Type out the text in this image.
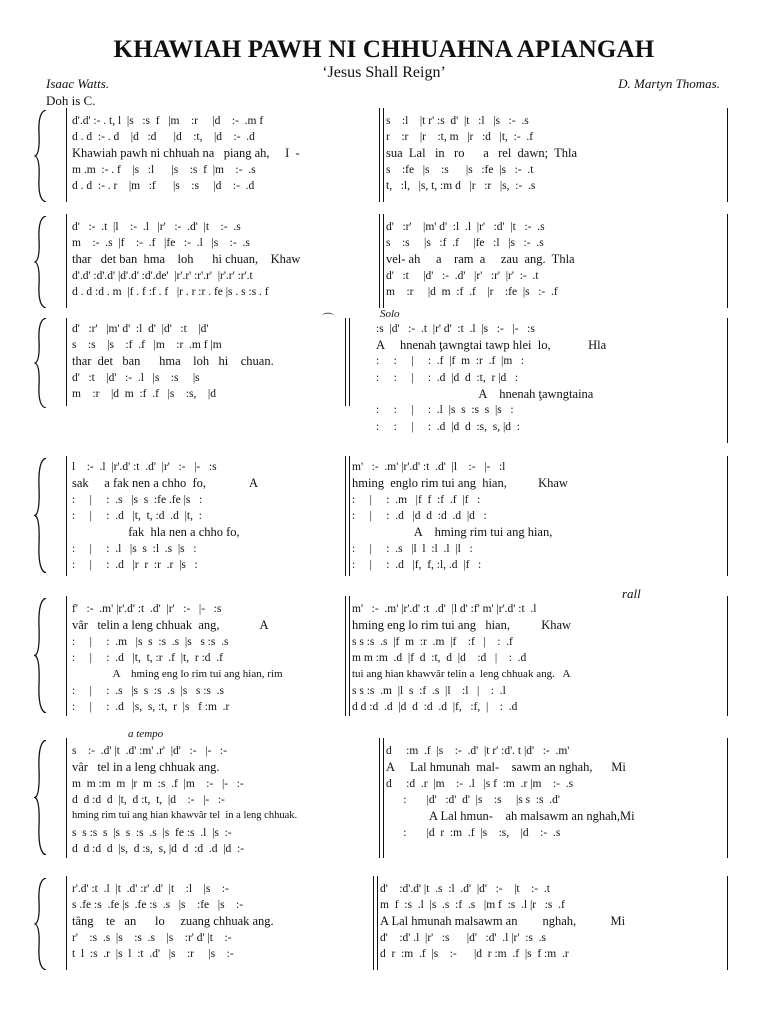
KHAWIAH PAWH NI CHHUAHNA APIANGAH
‘Jesus Shall Reign’
Isaac Watts.	D. Martyn Thomas.
Doh is C.
d'.d' :- . t, l  |s   :s  f   |m    :r     |d    :-  .m f
d . d  :- . d    |d   :d      |d    :t,    |d    :-  .d
Khawiah pawh ni chhuah na   piang ah,     I  -
m .m  :- . f    |s   :l      |s    :s  f  |m    :-  .s
d . d  :- . r    |m   :f      |s    :s     |d    :-  .d
s    :l    |t r' :s  d'  |t   :l   |s   :-  .s
r    :r    |r    :t, m   |r   :d   |t,  :-  .f
sua  Lal   in   ro      a   rel  dawn;  Thla
s    :fe   |s    :s      |s   :fe  |s   :-  .t
t,   :l,   |s, t, :m d   |r   :r   |s,  :-  .s
d'   :-  .t  |l    :-  .l   |r'   :-  .d'  |t    :-  .s
m    :-  .s  |f    :-  .f   |fe   :-  .l   |s    :-  .s
thar   det ban  hma    loh      hi chuan,    Khaw
d'.d' :d'.d' |d'.d' :d'.de'  |r'.r' :r'.r'  |r'.r' :r'.t
d . d :d . m  |f . f :f . f   |r . r :r . fe |s . s :s . f
d'   :r'    |m' d'  :l  .l  |r'   :d'  |t   :-  .s
s    :s     |s   :f  .f     |fe   :l   |s   :-  .s
vel- ah     a    ram  a     zau  ang.  Thla
d'   :t     |d'   :-  .d'   |r'   :r'  |r'  :-  .t
m    :r     |d  m  :f  .f    |r    :fe  |s   :-  .f
Solo
⌒
d'   :r'   |m' d'  :l  d'  |d'   :t    |d'
s    :s    |s    :f  .f   |m    :r  .m f |m
thar  det   ban      hma    loh   hi    chuan.
d'   :t    |d'   :-  .l   |s    :s     |s
m    :r    |d  m  :f  .f   |s    :s,    |d
:s  |d'   :-  .t  |r' d'  :t  .l  |s   :-   |-   :s
A     hnenah ţawngtai tawp hlei  lo,            Hla
:     :     |     :  .f  |f  m  :r  .f  |m   :
:     :     |     :  .d  |d  d  :t,  r |d   :
A    hnenah ţawngtaina
:     :     |     :  .l  |s  s  :s  s  |s   :
:     :     |     :  .d  |d  d  :s,  s, |d  :
l    :-  .l  |r'.d' :t  .d'  |r'   :-   |-   :s
sak     a fak nen a chho  fo,              A
:     |     :  .s   |s  s  :fe .fe |s   :
:     |     :  .d   |t,  t, :d  .d  |t,  :
fak  hla nen a chho fo,
:     |     :  .l   |s  s  :l  .s  |s   :
:     |     :  .d   |r  r  :r  .r  |s   :
m'   :-  .m' |r'.d' :t  .d'  |l    :-   |-   :l
hming  englo rim tui ang  hian,          Khaw
:     |     :  .m   |f  f  :f  .f  |f   :
:     |     :  .d   |d  d  :d  .d  |d   :
A    hming rim tui ang hian,
:     |     :  .s   |l  l  :l  .l  |l   :
:     |     :  .d   |f,  f, :l, .d  |f   :
rall
f'   :-  .m' |r'.d' :t  .d'  |r'   :-   |-   :s
vâr   telin a leng chhuak  ang,             A
:     |     :  .m   |s  s  :s  .s  |s   s :s  .s
:     |     :  .d   |t,  t, :r  .f  |t,  r :d  .f
A    hming eng lo rim tui ang hian, rim
:     |     :  .s   |s  s  :s  .s  |s   s :s  .s
:     |     :  .d   |s,  s, :t,  r  |s   f :m  .r
m'   :-  .m' |r'.d' :t  .d'  |l d' :f' m' |r'.d' :t  .l
hming eng lo rim tui ang   hian,          Khaw
s s :s  .s  |f  m  :r  .m  |f    :f   |    :  .f
m m :m  .d  |f  d  :t,  d  |d    :d   |    :  .d
tui ang hian khawvâr telin a  leng chhuak ang.   A
s s :s  .m  |l  s  :f  .s  |l    :l   |    :  .l
d d :d  .d  |d  d  :d  .d  |f,   :f,  |    :  .d
a tempo
s    :-  .d' |t  .d' :m' .r'  |d'   :-   |-   :-
vâr   tel in a leng chhuak ang.
m  m :m  m  |r  m  :s  .f  |m    :-   |-   :-
d  d :d  d  |t,  d :t,  t,  |d    :-   |-   :-
hming rim tui ang hian khawvâr tel  in a leng chhuak.
s  s :s  s  |s  s  :s  .s  |s  fe :s  .l  |s  :-
d  d :d  d  |s,  d :s,  s, |d  d  :d  .d  |d  :-
d     :m  .f  |s    :-  .d'  |t r' :d'. t |d'   :-  .m'
A     Lal hmunah  mal-    sawm an nghah,      Mi
d     :d  .r  |m    :-  .l   |s f  :m  .r |m    :-  .s
:       |d'   :d'  d'  |s    :s     |s s  :s  .d'
A Lal hmun-    ah malsawm an nghah,Mi
:       |d  r  :m  .f  |s    :s,    |d    :-  .s
r'.d' :t  .l  |t  .d' :r' .d'  |t    :l    |s    :-
s .fe :s  .fe |s  .fe :s  .s   |s    :fe   |s    :-
tâng    te   an      lo     zuang chhuak ang.
r'    :s  .s  |s    :s  .s    |s    :r' d' |t    :-
t  l  :s  .r  |s  l  :t  .d'   |s    :r     |s    :-
d'    :d'.d' |t  .s  :l  .d'  |d'   :-    |t    :-  .t
m  f  :s  .l  |s  .s  :f  .s   |m f  :s  .l |r   :s  .f
A Lal hmunah malsawm an        nghah,           Mi
d'    :d' .l  |r'   :s      |d'   :d'  .l |r'  :s  .s
d  r  :m  .f  |s    :-      |d  r :m  .f  |s  f :m  .r
